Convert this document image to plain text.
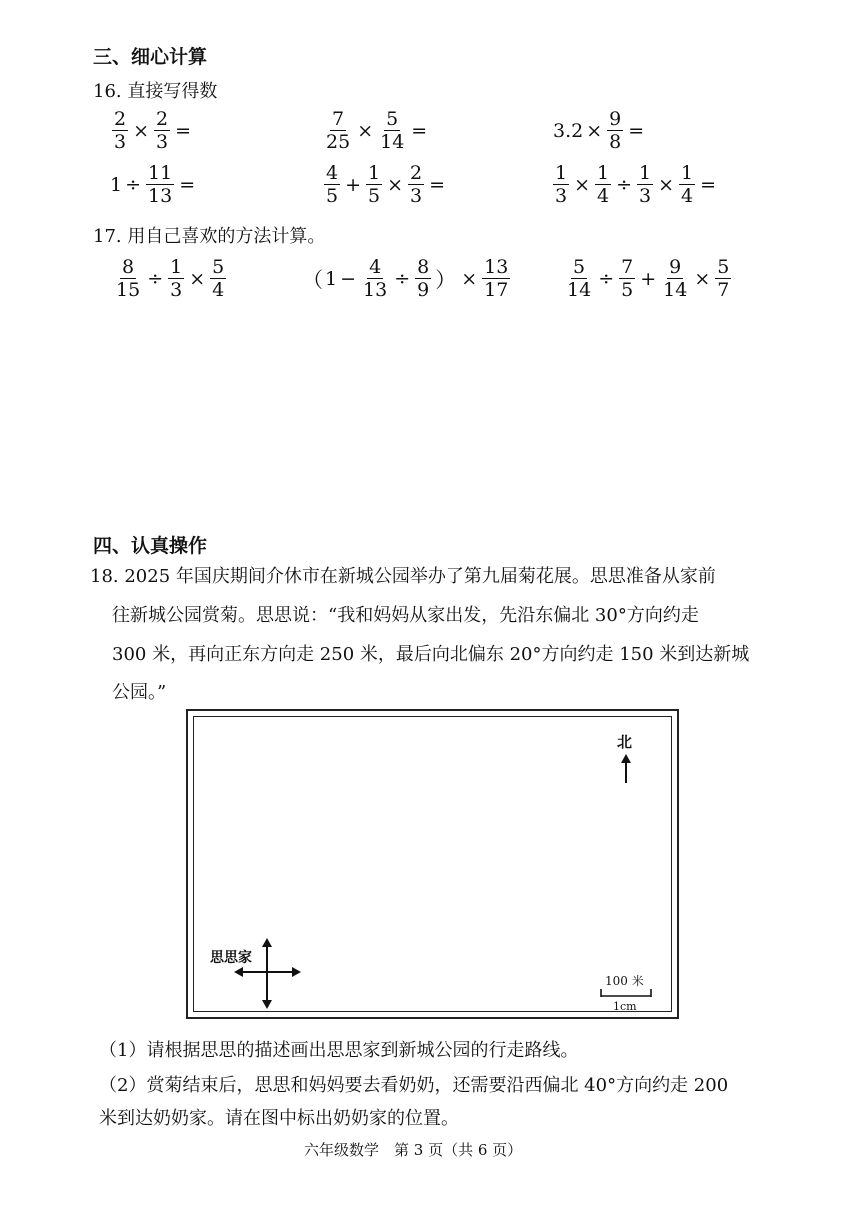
三、细心计算
16. 直接写得数
$\frac{2}{3} \times \frac{2}{3}$ =	$\frac{7}{25} \times \frac{5}{14}$ =	$3.2 \times \frac{9}{8}$ =
$1 \div \frac{11}{13}$ =	$\frac{4}{5} + \frac{1}{5} \times \frac{2}{3}$ =	$\frac{1}{3} \times \frac{1}{4} \div \frac{1}{3} \times \frac{1}{4}$ =
17. 用自己喜欢的方法计算。
$\frac{8}{15} \div \frac{1}{3} \times \frac{5}{4}$	（ $1 - \frac{4}{13} \div \frac{8}{9}$ ） × $\frac{13}{17}$	$\frac{5}{14} \div \frac{7}{5} + \frac{9}{14} \times \frac{5}{7}$
四、认真操作
18. 2025 年国庆期间介休市在新城公园举办了第九届菊花展。思思准备从家前
往新城公园赏菊。思思说：“我和妈妈从家出发，先沿东偏北 30°方向约走
300 米，再向正东方向走 250 米，最后向北偏东 20°方向约走 150 米到达新城
公园。”
北
思思家
100 米
1cm
（1）请根据思思的描述画出思思家到新城公园的行走路线。
（2）赏菊结束后，思思和妈妈要去看奶奶，还需要沿西偏北 40°方向约走 200
米到达奶奶家。请在图中标出奶奶家的位置。
六年级数学　第 3 页（共 6 页）
